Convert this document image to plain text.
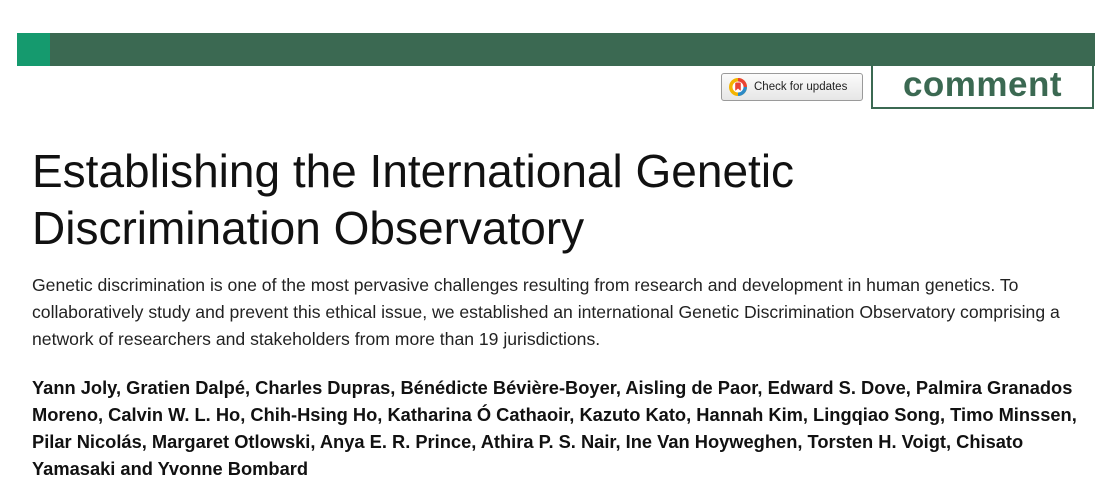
Check for updates comment
Establishing the International Genetic
Discrimination Observatory

Genetic discrimination is one of the most pervasive challenges resulting from research and development in human genetics. To collaboratively study and prevent this ethical issue, we established an international Genetic Discrimination Observatory comprising a network of researchers and stakeholders from more than 19 jurisdictions.

Yann Joly, Gratien Dalpé, Charles Dupras, Bénédicte Bévière-Boyer, Aisling de Paor, Edward S. Dove, Palmira Granados Moreno, Calvin W. L. Ho, Chih-Hsing Ho, Katharina Ó Cathaoir, Kazuto Kato, Hannah Kim, Lingqiao Song, Timo Minssen, Pilar Nicolás, Margaret Otlowski, Anya E. R. Prince, Athira P. S. Nair, Ine Van Hoyweghen, Torsten H. Voigt, Chisato Yamasaki and Yvonne Bombard
